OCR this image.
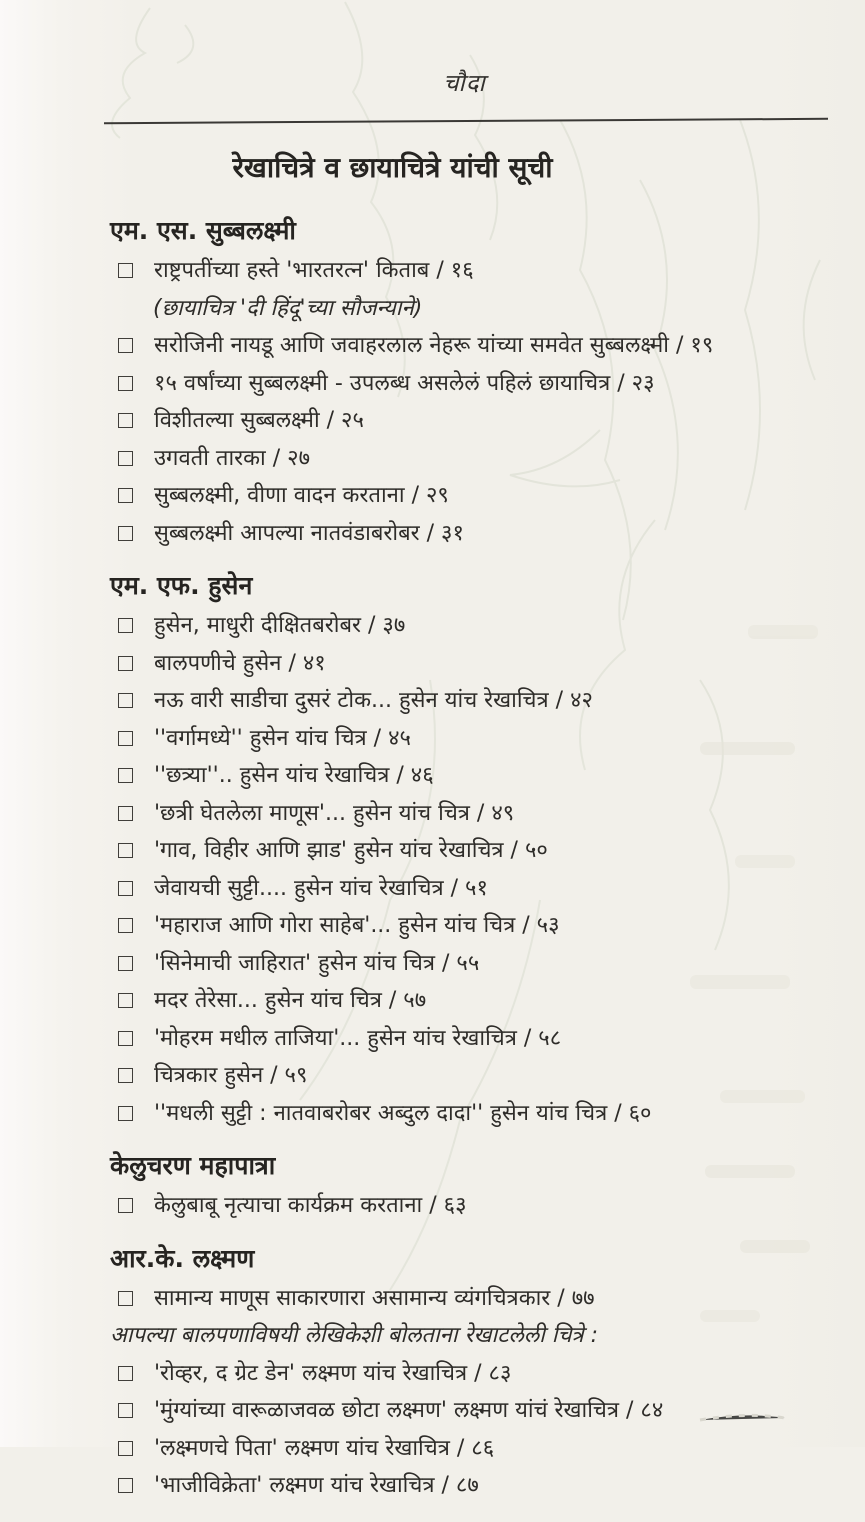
चौदा
रेखाचित्रे व छायाचित्रे यांची सूची
एम. एस. सुब्बलक्ष्मी
राष्ट्रपतींच्या हस्ते 'भारतरत्न' किताब / १६
(छायाचित्र 'दी हिंदू'च्या सौजन्याने)
सरोजिनी नायडू आणि जवाहरलाल नेहरू यांच्या समवेत सुब्बलक्ष्मी / १९
१५ वर्षांच्या सुब्बलक्ष्मी - उपलब्ध असलेलं पहिलं छायाचित्र / २३
विशीतल्या सुब्बलक्ष्मी / २५
उगवती तारका / २७
सुब्बलक्ष्मी, वीणा वादन करताना / २९
सुब्बलक्ष्मी आपल्या नातवंडाबरोबर / ३१
एम. एफ. हुसेन
हुसेन, माधुरी दीक्षितबरोबर / ३७
बालपणीचे हुसेन / ४१
नऊ वारी साडीचा दुसरं टोक... हुसेन यांच रेखाचित्र / ४२
''वर्गामध्ये'' हुसेन यांच चित्र / ४५
''छत्र्या''.. हुसेन यांच रेखाचित्र / ४६
'छत्री घेतलेला माणूस'... हुसेन यांच चित्र / ४९
'गाव, विहीर आणि झाड' हुसेन यांच रेखाचित्र / ५०
जेवायची सुट्टी.... हुसेन यांच रेखाचित्र / ५१
'महाराज आणि गोरा साहेब'... हुसेन यांच चित्र / ५३
'सिनेमाची जाहिरात' हुसेन यांच चित्र / ५५
मदर तेरेसा... हुसेन यांच चित्र / ५७
'मोहरम मधील ताजिया'... हुसेन यांच रेखाचित्र / ५८
चित्रकार हुसेन / ५९
''मधली सुट्टी : नातवाबरोबर अब्दुल दादा'' हुसेन यांच चित्र / ६०
केलुचरण महापात्रा
केलुबाबू नृत्याचा कार्यक्रम करताना / ६३
आर.के. लक्ष्मण
सामान्य माणूस साकारणारा असामान्य व्यंगचित्रकार / ७७
आपल्या बालपणाविषयी लेखिकेशी बोलताना रेखाटलेली चित्रे :
'रोव्हर, द ग्रेट डेन' लक्ष्मण यांच रेखाचित्र / ८३
'मुंग्यांच्या वारूळाजवळ छोटा लक्ष्मण' लक्ष्मण यांचं रेखाचित्र / ८४
'लक्ष्मणचे पिता' लक्ष्मण यांच रेखाचित्र / ८६
'भाजीविक्रेता' लक्ष्मण यांच रेखाचित्र / ८७
